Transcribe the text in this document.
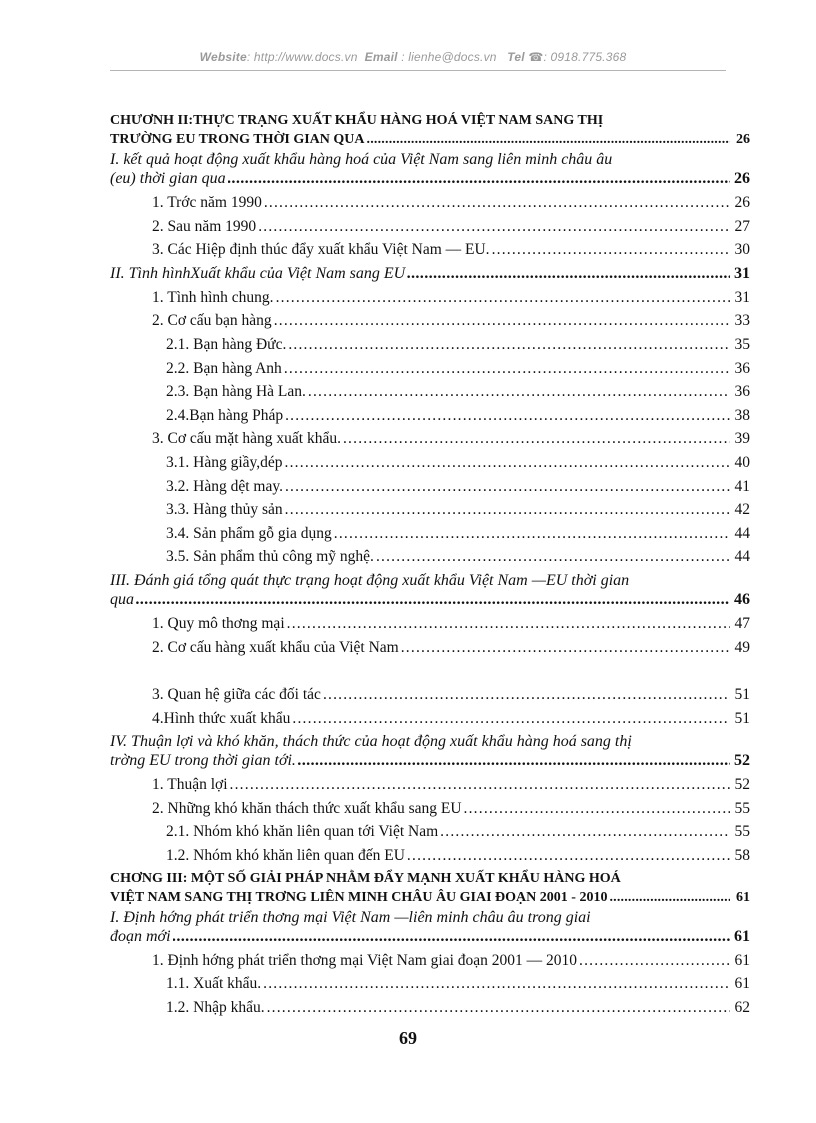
Website: http://www.docs.vn Email : lienhe@docs.vn Tel ☎: 0918.775.368
CHƯƠNH II:THỰC TRẠNG XUẤT KHẨU HÀNG HOÁ VIỆT NAM SANG THỊ
TRƯỜNG EU TRONG THỜI GIAN QUA .....	26
I. kết quả hoạt động xuất khẩu hàng hoá của Việt Nam sang liên minh châu âu
(eu) thời gian qua .....	26
1. Trớc năm 1990 .....	26
2. Sau năm 1990 .....	27
3. Các Hiệp định thúc đẩy xuất khẩu Việt Nam — EU. .....	30
II. Tình hìnhXuất khẩu của Việt Nam sang EU .....	31
1. Tình hình chung. .....	31
2. Cơ cấu bạn hàng .....	33
2.1. Bạn hàng Đức. .....	35
2.2. Bạn hàng Anh .....	36
2.3. Bạn hàng Hà Lan. .....	36
2.4.Bạn hàng Pháp .....	38
3. Cơ cấu mặt hàng xuất khẩu. .....	39
3.1. Hàng giầy,dép .....	40
3.2. Hàng dệt may. .....	41
3.3. Hàng thủy sản .....	42
3.4. Sản phẩm gỗ gia dụng .....	44
3.5. Sản phẩm thủ công mỹ nghệ. .....	44
III. Đánh giá tổng quát thực trạng hoạt động xuất khẩu Việt Nam —EU thời gian
qua .....	46
1. Quy mô thơng mại .....	47
2. Cơ cấu hàng xuất khẩu của Việt Nam .....	49
3. Quan hệ giữa các đối tác .....	51
4.Hình thức xuất khẩu .....	51
IV. Thuận lợi và khó khăn, thách thức của hoạt động xuất khẩu hàng hoá sang thị
trờng EU trong thời gian tới. .....	52
1. Thuận lợi .....	52
2. Những khó khăn thách thức xuất khẩu sang EU .....	55
2.1. Nhóm khó khăn liên quan tới Việt Nam .....	55
1.2. Nhóm khó khăn liên quan đến EU .....	58
CHƠNG III: MỘT SỐ GIẢI PHÁP NHẰM ĐẨY MẠNH XUẤT KHẨU HÀNG HOÁ
VIỆT NAM SANG THỊ TRƠNG LIÊN MINH CHÂU ÂU GIAI ĐOẠN 2001 - 2010 .....	61
I. Định hớng phát triển thơng mại Việt Nam —liên minh châu âu trong giai
đoạn mới .....	61
1. Định hớng phát triển thơng mại Việt Nam giai đoạn 2001 — 2010 .....	61
1.1. Xuất khẩu. .....	61
1.2. Nhập khẩu. .....	62
69
